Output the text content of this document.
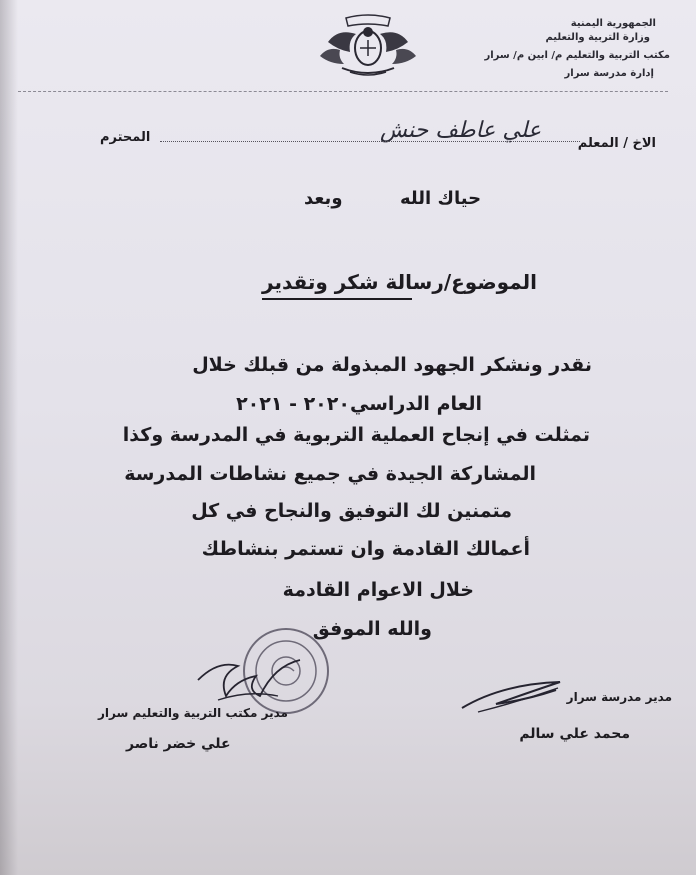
الجمهورية اليمنية
وزارة التربية والتعليم
مكتب التربية والتعليم م/ ابين م/ سرار
إدارة مدرسة سرار
الاخ / المعلم
علي عاطف حنش
المحترم
حياك الله
وبعد
الموضوع/رسالة شكر وتقدير
نقدر ونشكر الجهود المبذولة من قبلك خلال
العام الدراسي٢٠٢٠ - ٢٠٢١
تمثلت في إنجاح العملية التربوية في المدرسة وكذا
المشاركة الجيدة في جميع نشاطات المدرسة
متمنين لك التوفيق والنجاح في كل
أعمالك القادمة وان تستمر بنشاطك
خلال الاعوام القادمة
والله الموفق
مدير مدرسة سرار
محمد علي سالم
مدير مكتب التربية والتعليم سرار
علي خضر ناصر
